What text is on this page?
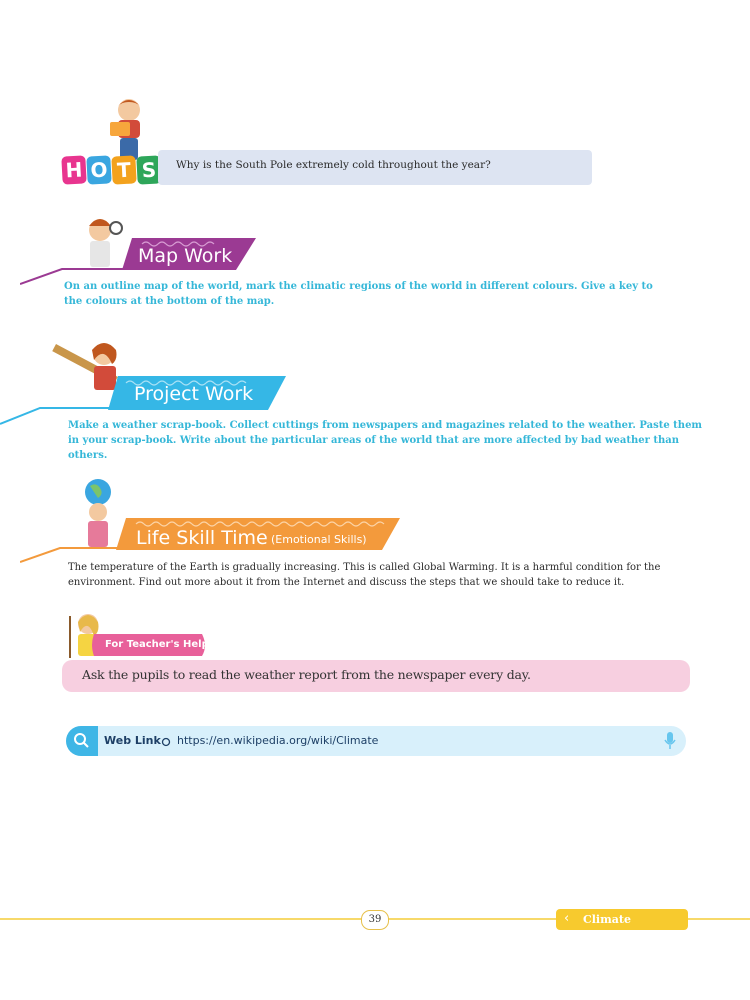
H O T S	Why is the South Pole extremely cold throughout the year?
Map Work
On an outline map of the world, mark the climatic regions of the world in different colours. Give a key to the colours at the bottom of the map.
Project Work
Make a weather scrap-book. Collect cuttings from newspapers and magazines related to the weather. Paste them in your scrap-book. Write about the particular areas of the world that are more affected by bad weather than others.
Life Skill Time (Emotional Skills)
The temperature of the Earth is gradually increasing. This is called Global Warming. It is a harmful condition for the environment. Find out more about it from the Internet and discuss the steps that we should take to reduce it.
Ask the pupils to read the weather report from the newspaper every day.
For Teacher's Help
Web Link https://en.wikipedia.org/wiki/Climate
39	‹ Climate
